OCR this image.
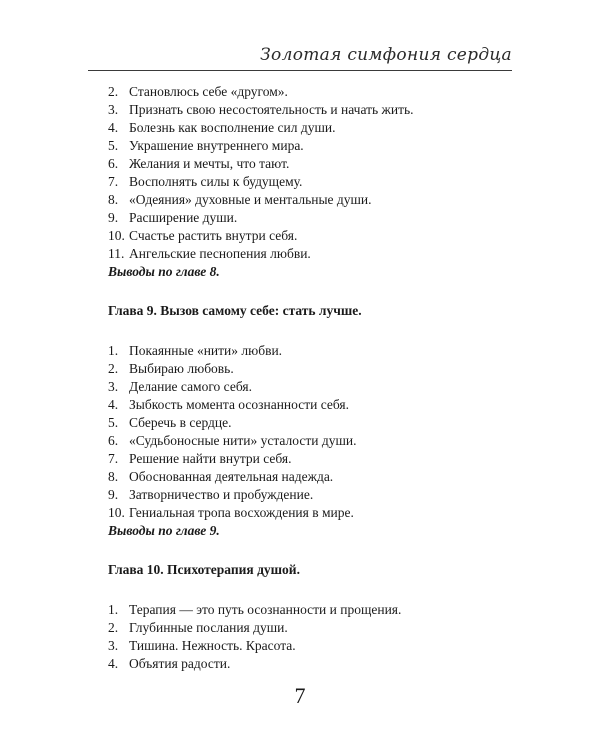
Золотая симфония сердца
2. Становлюсь себе «другом».
3. Признать свою несостоятельность и начать жить.
4. Болезнь как восполнение сил души.
5. Украшение внутреннего мира.
6. Желания и мечты, что тают.
7. Восполнять силы к будущему.
8. «Одеяния» духовные и ментальные души.
9. Расширение души.
10. Счастье растить внутри себя.
11. Ангельские песнопения любви.
Выводы по главе 8.
Глава 9. Вызов самому себе: стать лучше.
1. Покаянные «нити» любви.
2. Выбираю любовь.
3. Делание самого себя.
4. Зыбкость момента осознанности себя.
5. Сберечь в сердце.
6. «Судьбоносные нити» усталости души.
7. Решение найти внутри себя.
8. Обоснованная деятельная надежда.
9. Затворничество и пробуждение.
10. Гениальная тропа восхождения в мире.
Выводы по главе 9.
Глава 10. Психотерапия душой.
1. Терапия — это путь осознанности и прощения.
2. Глубинные послания души.
3. Тишина. Нежность. Красота.
4. Объятия радости.
7
